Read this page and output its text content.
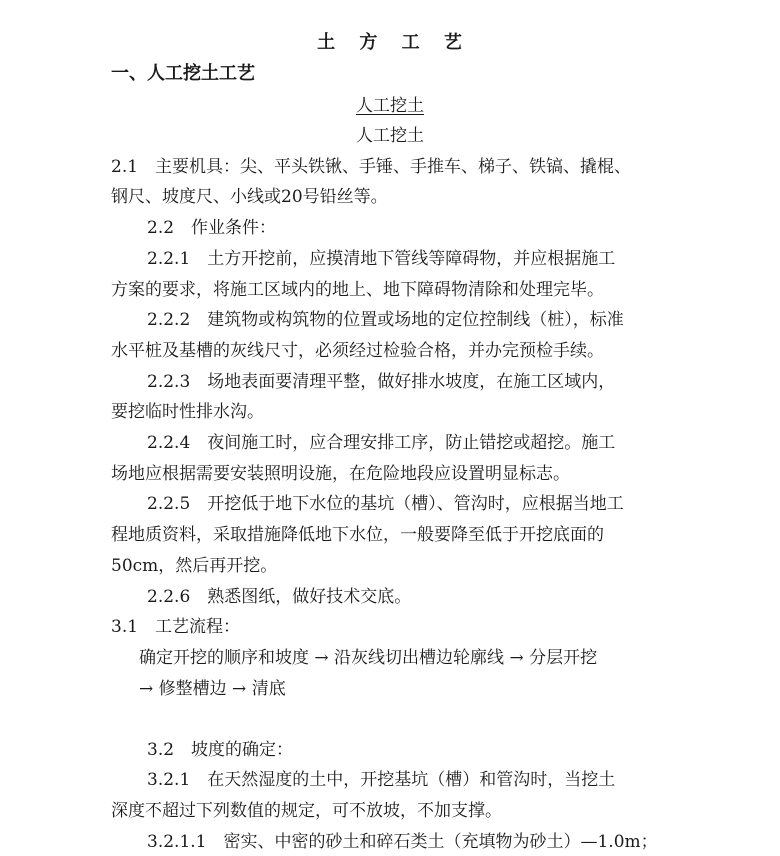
土 方 工 艺
一、人工挖土工艺
人工挖土
人工挖土
2.1　主要机具：尖、平头铁锹、手锤、手推车、梯子、铁镐、撬棍、
钢尺、坡度尺、小线或20号铅丝等。
2.2　作业条件：
2.2.1　土方开挖前，应摸清地下管线等障碍物，并应根据施工
方案的要求，将施工区域内的地上、地下障碍物清除和处理完毕。
2.2.2　建筑物或构筑物的位置或场地的定位控制线（桩），标准
水平桩及基槽的灰线尺寸，必须经过检验合格，并办完预检手续。
2.2.3　场地表面要清理平整，做好排水坡度，在施工区域内，
要挖临时性排水沟。
2.2.4　夜间施工时，应合理安排工序，防止错挖或超挖。施工
场地应根据需要安装照明设施，在危险地段应设置明显标志。
2.2.5　开挖低于地下水位的基坑（槽）、管沟时，应根据当地工
程地质资料，采取措施降低地下水位，一般要降至低于开挖底面的
50cm，然后再开挖。
2.2.6　熟悉图纸，做好技术交底。
3.1　工艺流程：
确定开挖的顺序和坡度 → 沿灰线切出槽边轮廓线 → 分层开挖
→ 修整槽边 → 清底
3.2　坡度的确定：
3.2.1　在天然湿度的土中，开挖基坑（槽）和管沟时，当挖土
深度不超过下列数值的规定，可不放坡，不加支撑。
3.2.1.1　密实、中密的砂土和碎石类土（充填物为砂土）—1.0m；
